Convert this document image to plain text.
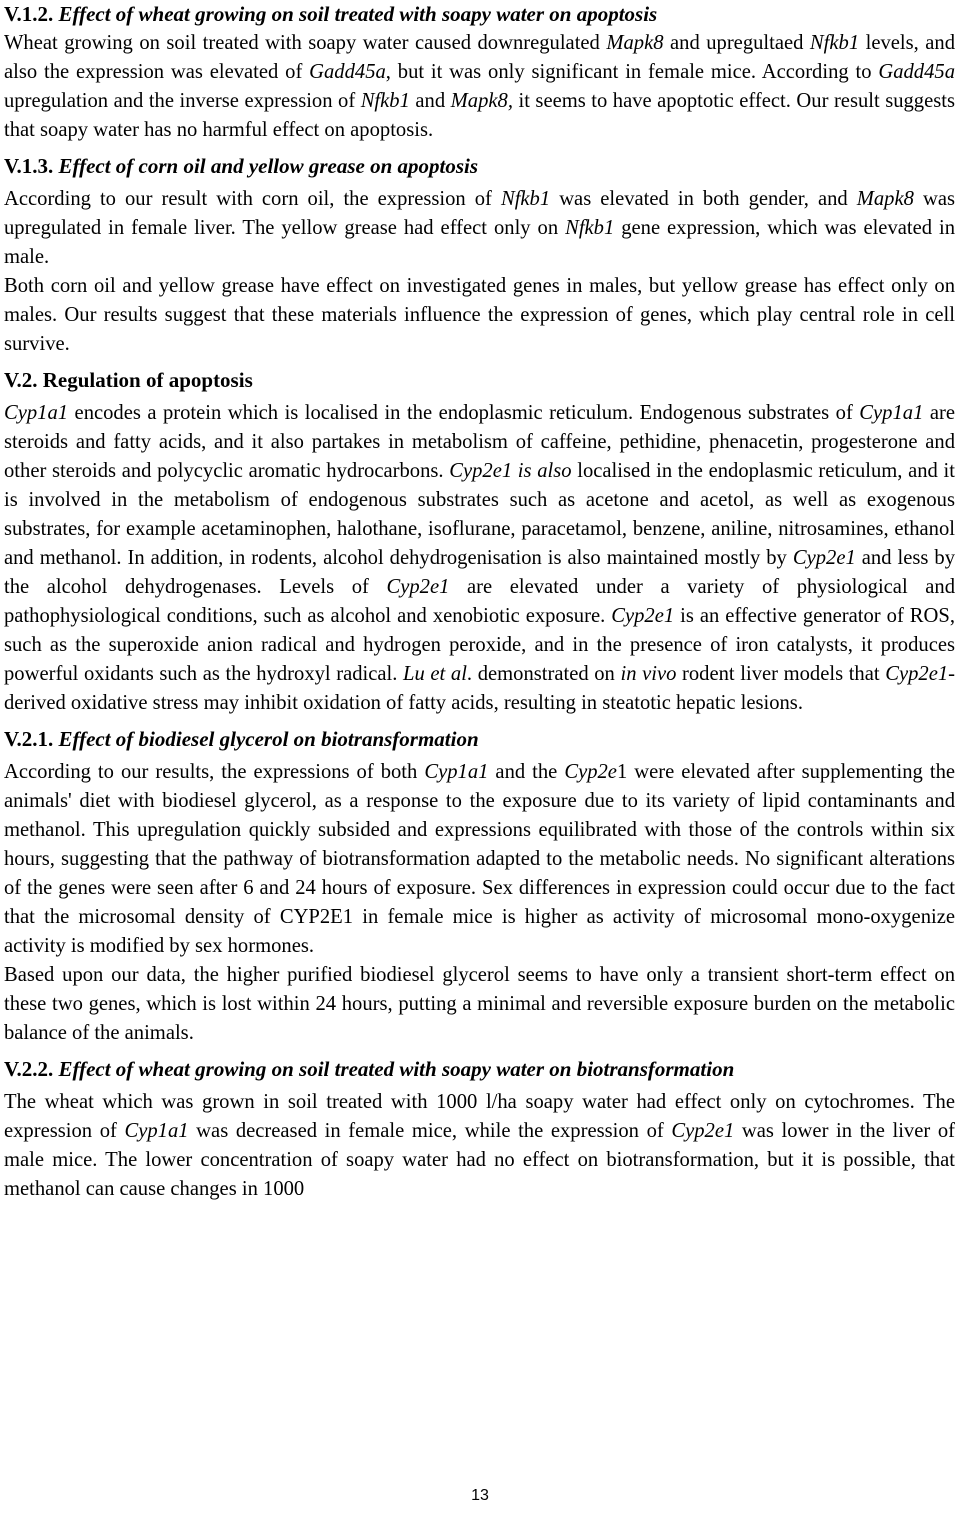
V.1.2. Effect of wheat growing on soil treated with soapy water on apoptosis

Wheat growing on soil treated with soapy water caused downregulated Mapk8 and upregultaed Nfkb1 levels, and also the expression was elevated of Gadd45a, but it was only significant in female mice. According to Gadd45a upregulation and the inverse expression of Nfkb1 and Mapk8, it seems to have apoptotic effect. Our result suggests that soapy water has no harmful effect on apoptosis.

V.1.3. Effect of corn oil and yellow grease on apoptosis

According to our result with corn oil, the expression of Nfkb1 was elevated in both gender, and Mapk8 was upregulated in female liver. The yellow grease had effect only on Nfkb1 gene expression, which was elevated in male.

Both corn oil and yellow grease have effect on investigated genes in males, but yellow grease has effect only on males. Our results suggest that these materials influence the expression of genes, which play central role in cell survive.

V.2. Regulation of apoptosis

Cyp1a1 encodes a protein which is localised in the endoplasmic reticulum. Endogenous substrates of Cyp1a1 are steroids and fatty acids, and it also partakes in metabolism of caffeine, pethidine, phenacetin, progesterone and other steroids and polycyclic aromatic hydrocarbons. Cyp2e1 is also localised in the endoplasmic reticulum, and it is involved in the metabolism of endogenous substrates such as acetone and acetol, as well as exogenous substrates, for example acetaminophen, halothane, isoflurane, paracetamol, benzene, aniline, nitrosamines, ethanol and methanol. In addition, in rodents, alcohol dehydrogenisation is also maintained mostly by Cyp2e1 and less by the alcohol dehydrogenases. Levels of Cyp2e1 are elevated under a variety of physiological and pathophysiological conditions, such as alcohol and xenobiotic exposure. Cyp2e1 is an effective generator of ROS, such as the superoxide anion radical and hydrogen peroxide, and in the presence of iron catalysts, it produces powerful oxidants such as the hydroxyl radical. Lu et al. demonstrated on in vivo rodent liver models that Cyp2e1-derived oxidative stress may inhibit oxidation of fatty acids, resulting in steatotic hepatic lesions.

V.2.1. Effect of biodiesel glycerol on biotransformation

According to our results, the expressions of both Cyp1a1 and the Cyp2e1 were elevated after supplementing the animals' diet with biodiesel glycerol, as a response to the exposure due to its variety of lipid contaminants and methanol. This upregulation quickly subsided and expressions equilibrated with those of the controls within six hours, suggesting that the pathway of biotransformation adapted to the metabolic needs. No significant alterations of the genes were seen after 6 and 24 hours of exposure. Sex differences in expression could occur due to the fact that the microsomal density of CYP2E1 in female mice is higher as activity of microsomal mono-oxygenize activity is modified by sex hormones.

Based upon our data, the higher purified biodiesel glycerol seems to have only a transient short-term effect on these two genes, which is lost within 24 hours, putting a minimal and reversible exposure burden on the metabolic balance of the animals.

V.2.2. Effect of wheat growing on soil treated with soapy water on biotransformation

The wheat which was grown in soil treated with 1000 l/ha soapy water had effect only on cytochromes. The expression of Cyp1a1 was decreased in female mice, while the expression of Cyp2e1 was lower in the liver of male mice. The lower concentration of soapy water had no effect on biotransformation, but it is possible, that methanol can cause changes in 1000

13
